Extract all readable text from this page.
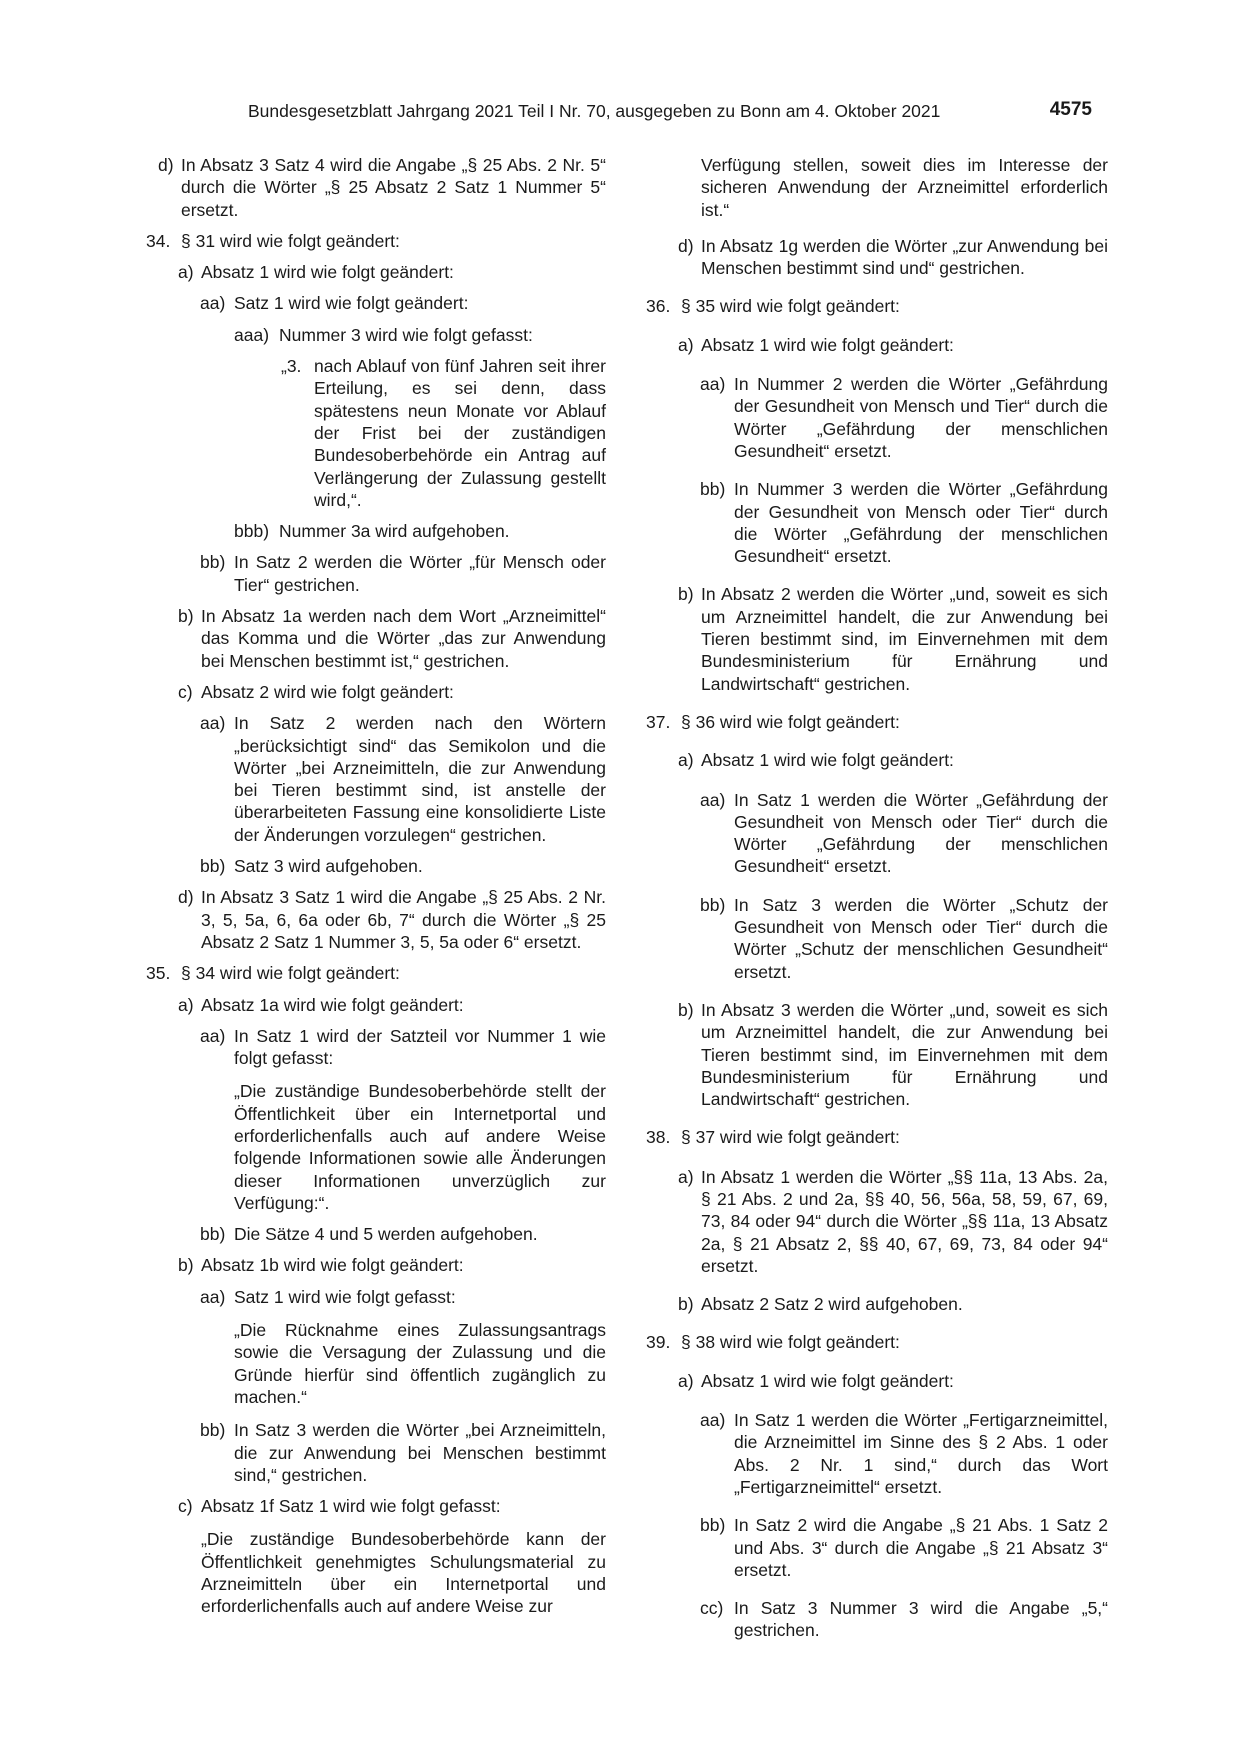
Bundesgesetzblatt Jahrgang 2021 Teil I Nr. 70, ausgegeben zu Bonn am 4. Oktober 2021	4575
d) In Absatz 3 Satz 4 wird die Angabe „§ 25 Abs. 2 Nr. 5“ durch die Wörter „§ 25 Absatz 2 Satz 1 Nummer 5“ ersetzt.
34. § 31 wird wie folgt geändert:
a) Absatz 1 wird wie folgt geändert:
aa) Satz 1 wird wie folgt geändert:
aaa) Nummer 3 wird wie folgt gefasst:
„3. nach Ablauf von fünf Jahren seit ihrer Erteilung, es sei denn, dass spätestens neun Monate vor Ablauf der Frist bei der zuständigen Bundesoberbehörde ein Antrag auf Verlängerung der Zulassung gestellt wird,“.
bbb) Nummer 3a wird aufgehoben.
bb) In Satz 2 werden die Wörter „für Mensch oder Tier“ gestrichen.
b) In Absatz 1a werden nach dem Wort „Arzneimittel“ das Komma und die Wörter „das zur Anwendung bei Menschen bestimmt ist,“ gestrichen.
c) Absatz 2 wird wie folgt geändert:
aa) In Satz 2 werden nach den Wörtern „berücksichtigt sind“ das Semikolon und die Wörter „bei Arzneimitteln, die zur Anwendung bei Tieren bestimmt sind, ist anstelle der überarbeiteten Fassung eine konsolidierte Liste der Änderungen vorzulegen“ gestrichen.
bb) Satz 3 wird aufgehoben.
d) In Absatz 3 Satz 1 wird die Angabe „§ 25 Abs. 2 Nr. 3, 5, 5a, 6, 6a oder 6b, 7“ durch die Wörter „§ 25 Absatz 2 Satz 1 Nummer 3, 5, 5a oder 6“ ersetzt.
35. § 34 wird wie folgt geändert:
a) Absatz 1a wird wie folgt geändert:
aa) In Satz 1 wird der Satzteil vor Nummer 1 wie folgt gefasst:
„Die zuständige Bundesoberbehörde stellt der Öffentlichkeit über ein Internetportal und erforderlichenfalls auch auf andere Weise folgende Informationen sowie alle Änderungen dieser Informationen unverzüglich zur Verfügung:“.
bb) Die Sätze 4 und 5 werden aufgehoben.
b) Absatz 1b wird wie folgt geändert:
aa) Satz 1 wird wie folgt gefasst:
„Die Rücknahme eines Zulassungsantrags sowie die Versagung der Zulassung und die Gründe hierfür sind öffentlich zugänglich zu machen.“
bb) In Satz 3 werden die Wörter „bei Arzneimitteln, die zur Anwendung bei Menschen bestimmt sind,“ gestrichen.
c) Absatz 1f Satz 1 wird wie folgt gefasst:
„Die zuständige Bundesoberbehörde kann der Öffentlichkeit genehmigtes Schulungsmaterial zu Arzneimitteln über ein Internetportal und erforderlichenfalls auch auf andere Weise zur
Verfügung stellen, soweit dies im Interesse der sicheren Anwendung der Arzneimittel erforderlich ist.“
d) In Absatz 1g werden die Wörter „zur Anwendung bei Menschen bestimmt sind und“ gestrichen.
36. § 35 wird wie folgt geändert:
a) Absatz 1 wird wie folgt geändert:
aa) In Nummer 2 werden die Wörter „Gefährdung der Gesundheit von Mensch und Tier“ durch die Wörter „Gefährdung der menschlichen Gesundheit“ ersetzt.
bb) In Nummer 3 werden die Wörter „Gefährdung der Gesundheit von Mensch oder Tier“ durch die Wörter „Gefährdung der menschlichen Gesundheit“ ersetzt.
b) In Absatz 2 werden die Wörter „und, soweit es sich um Arzneimittel handelt, die zur Anwendung bei Tieren bestimmt sind, im Einvernehmen mit dem Bundesministerium für Ernährung und Landwirtschaft“ gestrichen.
37. § 36 wird wie folgt geändert:
a) Absatz 1 wird wie folgt geändert:
aa) In Satz 1 werden die Wörter „Gefährdung der Gesundheit von Mensch oder Tier“ durch die Wörter „Gefährdung der menschlichen Gesundheit“ ersetzt.
bb) In Satz 3 werden die Wörter „Schutz der Gesundheit von Mensch oder Tier“ durch die Wörter „Schutz der menschlichen Gesundheit“ ersetzt.
b) In Absatz 3 werden die Wörter „und, soweit es sich um Arzneimittel handelt, die zur Anwendung bei Tieren bestimmt sind, im Einvernehmen mit dem Bundesministerium für Ernährung und Landwirtschaft“ gestrichen.
38. § 37 wird wie folgt geändert:
a) In Absatz 1 werden die Wörter „§§ 11a, 13 Abs. 2a, § 21 Abs. 2 und 2a, §§ 40, 56, 56a, 58, 59, 67, 69, 73, 84 oder 94“ durch die Wörter „§§ 11a, 13 Absatz 2a, § 21 Absatz 2, §§ 40, 67, 69, 73, 84 oder 94“ ersetzt.
b) Absatz 2 Satz 2 wird aufgehoben.
39. § 38 wird wie folgt geändert:
a) Absatz 1 wird wie folgt geändert:
aa) In Satz 1 werden die Wörter „Fertigarzneimittel, die Arzneimittel im Sinne des § 2 Abs. 1 oder Abs. 2 Nr. 1 sind,“ durch das Wort „Fertigarzneimittel“ ersetzt.
bb) In Satz 2 wird die Angabe „§ 21 Abs. 1 Satz 2 und Abs. 3“ durch die Angabe „§ 21 Absatz 3“ ersetzt.
cc) In Satz 3 Nummer 3 wird die Angabe „5,“ gestrichen.
